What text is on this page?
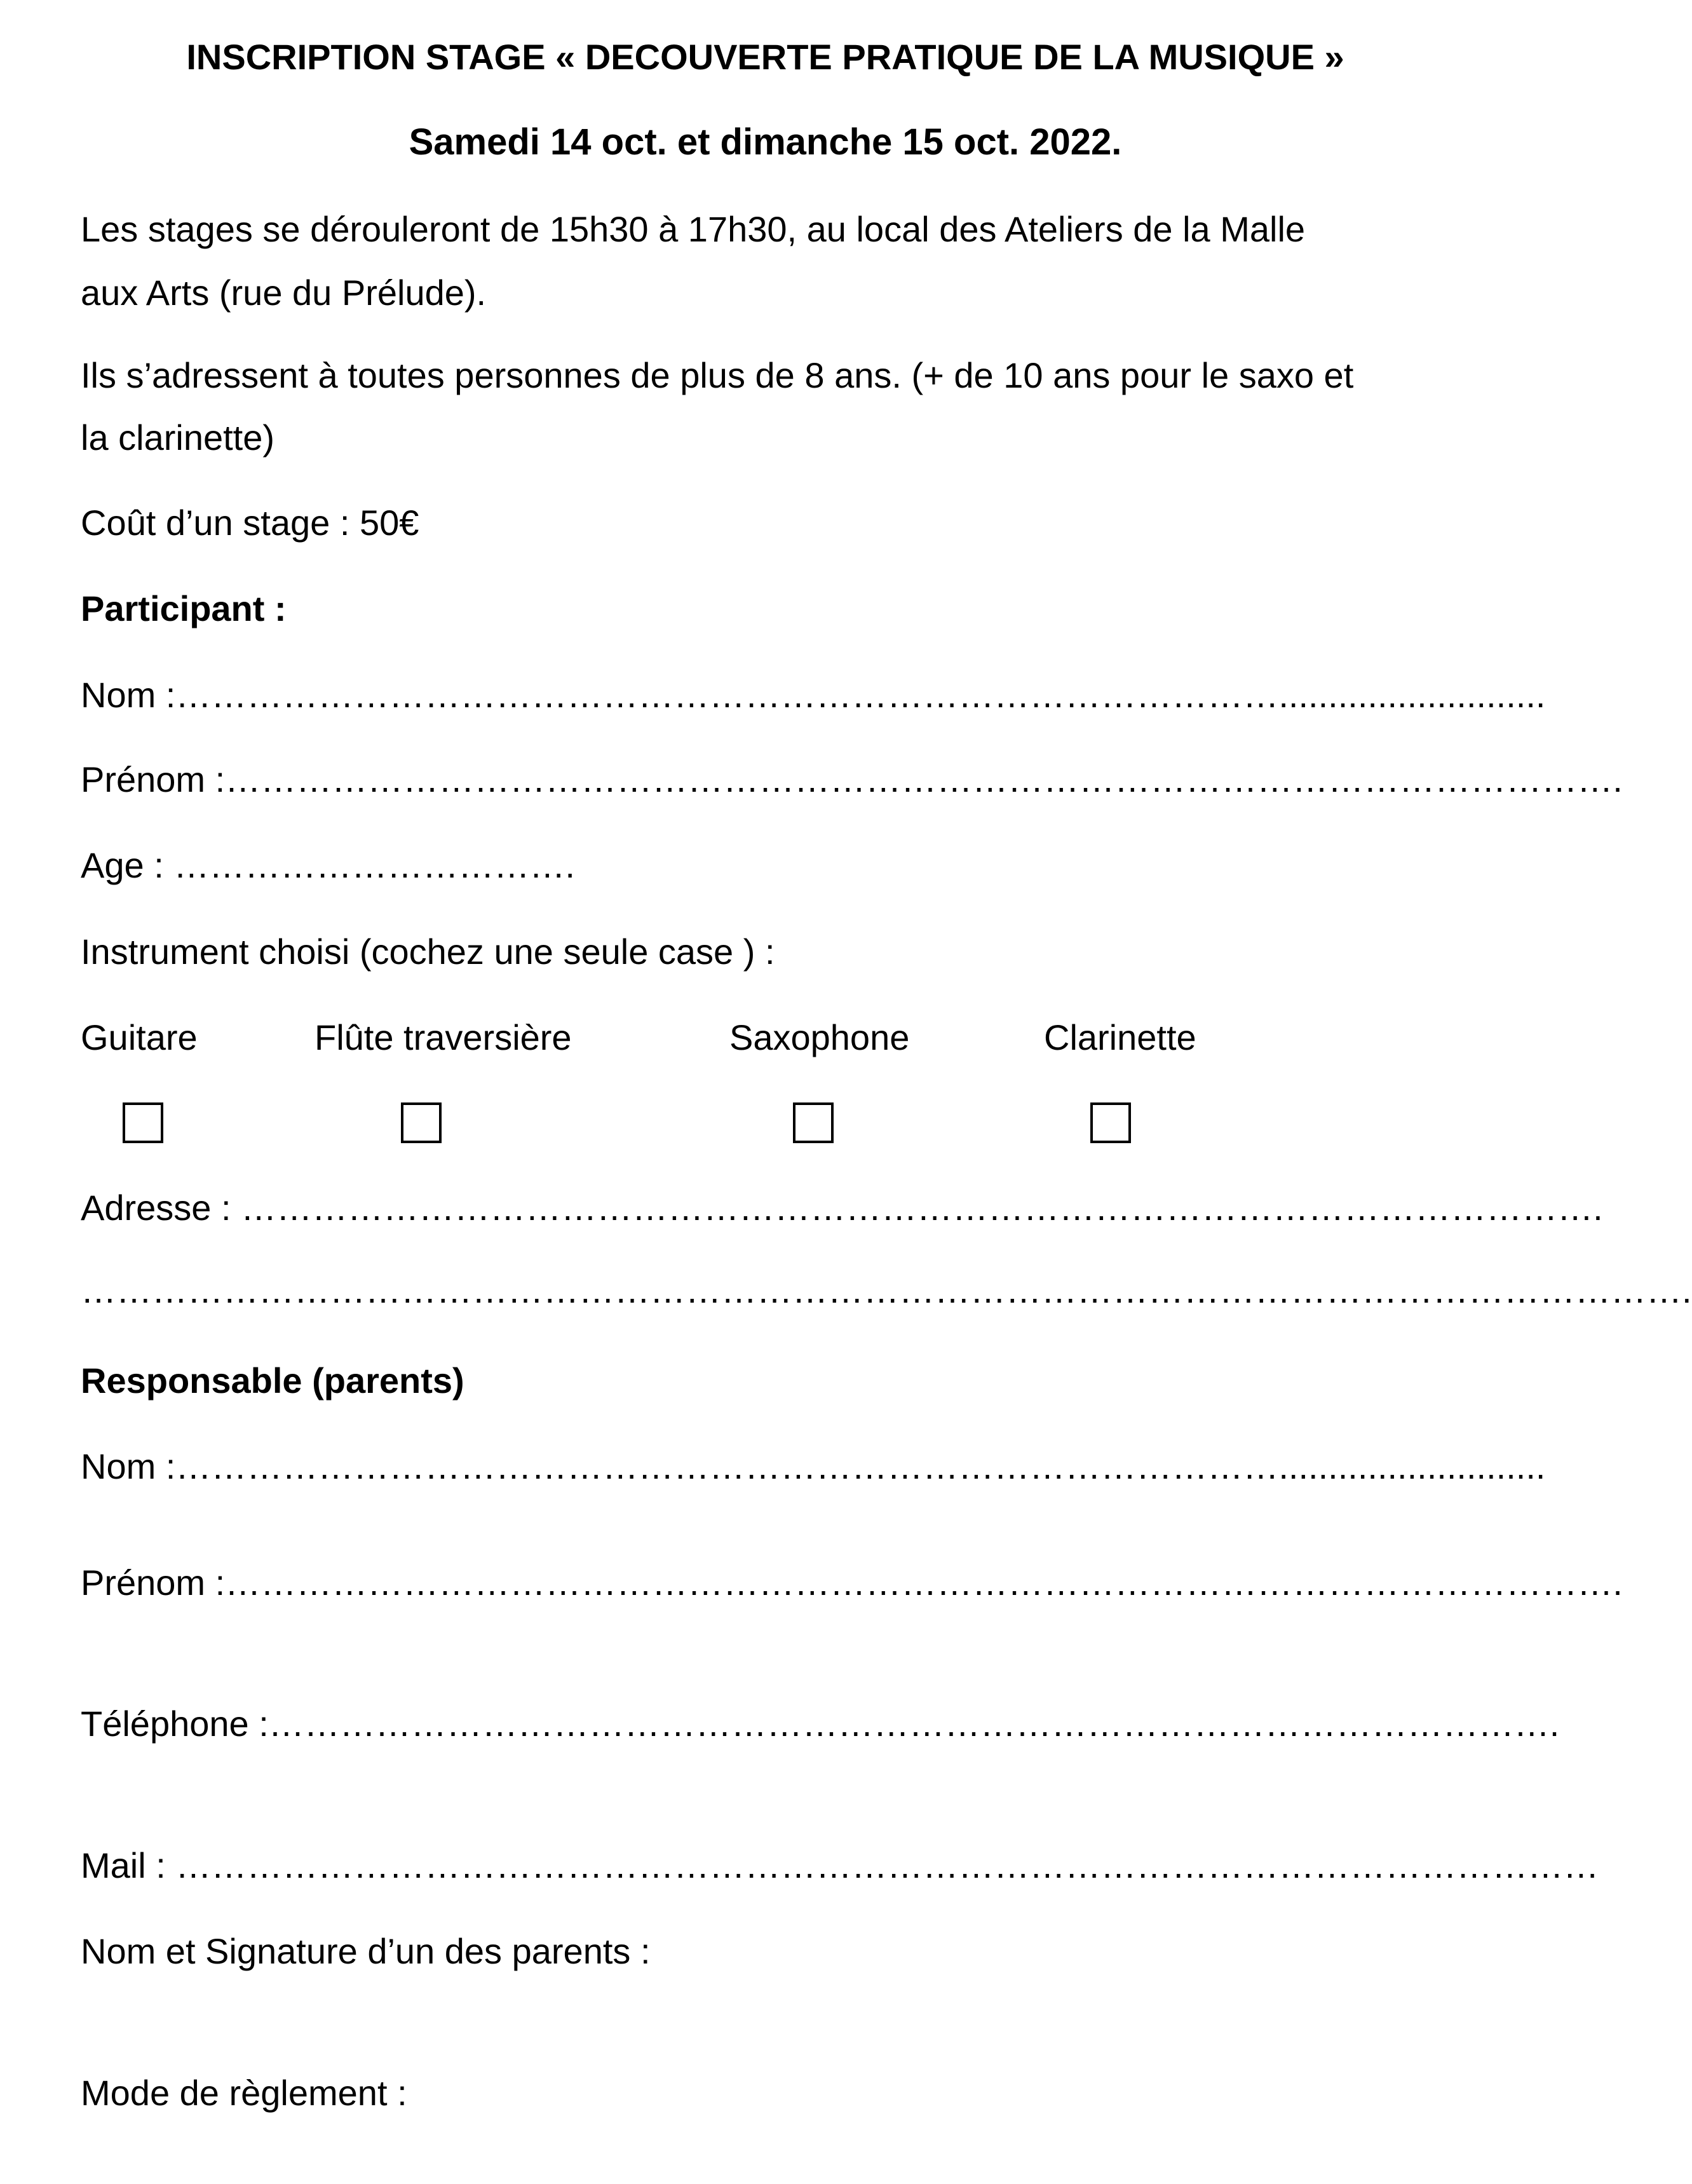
INSCRIPTION STAGE « DECOUVERTE PRATIQUE DE LA MUSIQUE »
Samedi 14 oct. et dimanche 15 oct. 2022.
Les stages se dérouleront de 15h30 à 17h30, au local des Ateliers de la Malle
aux Arts (rue du Prélude).
Ils s’adressent à toutes personnes de plus de 8 ans. (+ de 10 ans pour le saxo et
la clarinette)
Coût d’un stage : 50€
Participant :
Nom :…………………………………………………………………………………...........................
Prénom :……………………………………………………………………………………………………….
Age : …………………………….
Instrument choisi (cochez une seule case ) :
Guitare	Flûte traversière	Saxophone	Clarinette
Adresse : …………………………………………………………………………………………………….
……………………………………………………………………………………………………………………….
Responsable (parents)
Nom :…………………………………………………………………………………...........................
Prénom :……………………………………………………………………………………………………….
Téléphone :……………………………………………………………………………………………….
Mail : …………………………………………………………………………………………………………
Nom et Signature d’un des parents :
Mode de règlement :
